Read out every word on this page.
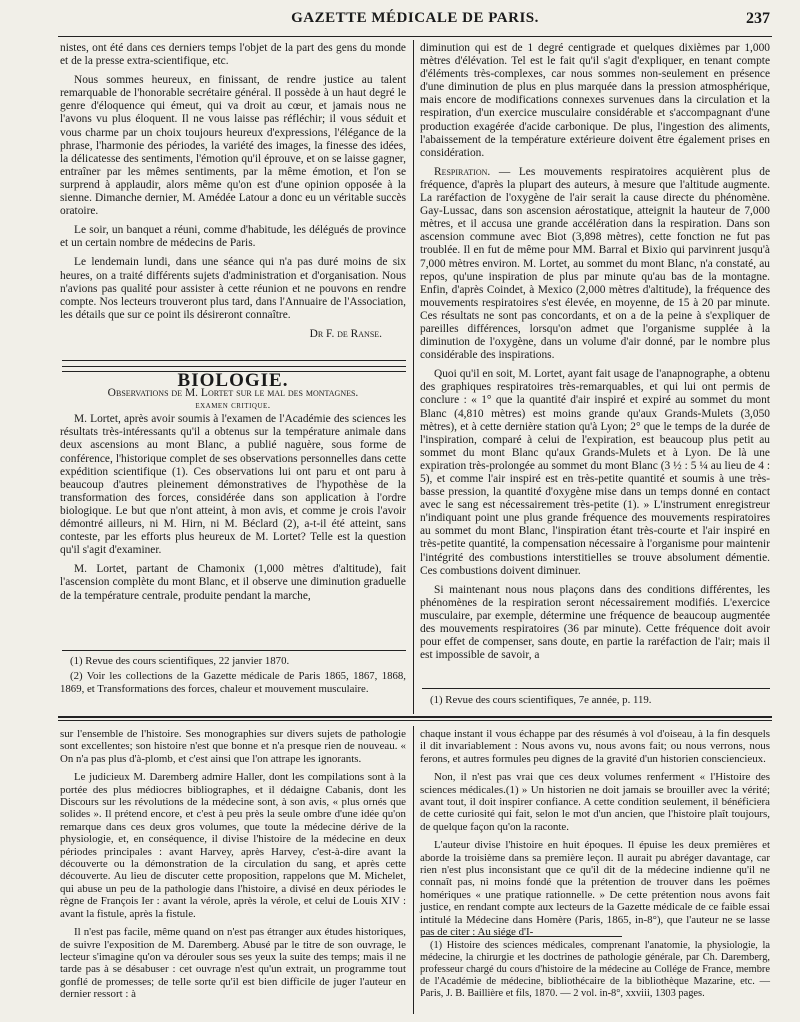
GAZETTE MÉDICALE DE PARIS.	237

nistes, ont été dans ces derniers temps l'objet de la part des gens du monde et de la presse extra-scientifique, etc.

Nous sommes heureux, en finissant, de rendre justice au talent remarquable de l'honorable secrétaire général. Il possède à un haut degré le genre d'éloquence qui émeut, qui va droit au cœur, et jamais nous ne l'avons vu plus éloquent. Il ne vous laisse pas réfléchir; il vous séduit et vous charme par un choix toujours heureux d'expressions, l'élégance de la phrase, l'harmonie des périodes, la variété des images, la finesse des idées, la délicatesse des sentiments, l'émotion qu'il éprouve, et on se laisse gagner, entraîner par les mêmes sentiments, par la même émotion, et l'on se surprend à applaudir, alors même qu'on est d'une opinion opposée à la sienne. Dimanche dernier, M. Amédée Latour a donc eu un véritable succès oratoire.

Le soir, un banquet a réuni, comme d'habitude, les délégués de province et un certain nombre de médecins de Paris.

Le lendemain lundi, dans une séance qui n'a pas duré moins de six heures, on a traité différents sujets d'administration et d'organisation. Nous n'avions pas qualité pour assister à cette réunion et ne pouvons en rendre compte. Nos lecteurs trouveront plus tard, dans l'Annuaire de l'Association, les détails que sur ce point ils désireront connaître.

Dr F. de Ranse.

BIOLOGIE.

Observations de M. Lortet sur le mal des montagnes.

examen critique.

M. Lortet, après avoir soumis à l'examen de l'Académie des sciences les résultats très-intéressants qu'il a obtenus sur la température animale dans deux ascensions au mont Blanc, a publié naguère, sous forme de conférence, l'historique complet de ses observations personnelles dans cette expédition scientifique (1). Ces observations lui ont paru et ont paru à beaucoup d'autres pleinement démonstratives de l'hypothèse de la transformation des forces, considérée dans son application à l'ordre biologique. Le but que n'ont atteint, à mon avis, et comme je crois l'avoir démontré ailleurs, ni M. Hirn, ni M. Béclard (2), a-t-il été atteint, sans conteste, par les efforts plus heureux de M. Lortet? Telle est la question qu'il s'agit d'examiner.

M. Lortet, partant de Chamonix (1,000 mètres d'altitude), fait l'ascension complète du mont Blanc, et il observe une diminution graduelle de la température centrale, produite pendant la marche,

(1) Revue des cours scientifiques, 22 janvier 1870.

(2) Voir les collections de la Gazette médicale de Paris 1865, 1867, 1868, 1869, et Transformations des forces, chaleur et mouvement musculaire.

diminution qui est de 1 degré centigrade et quelques dixièmes par 1,000 mètres d'élévation. Tel est le fait qu'il s'agit d'expliquer, en tenant compte d'éléments très-complexes, car nous sommes non-seulement en présence d'une diminution de plus en plus marquée dans la pression atmosphérique, mais encore de modifications connexes survenues dans la circulation et la respiration, d'un exercice musculaire considérable et s'accompagnant d'une production exagérée d'acide carbonique. De plus, l'ingestion des aliments, l'abaissement de la température extérieure doivent être également prises en considération.

Respiration. — Les mouvements respiratoires acquièrent plus de fréquence, d'après la plupart des auteurs, à mesure que l'altitude augmente. La raréfaction de l'oxygène de l'air serait la cause directe du phénomène. Gay-Lussac, dans son ascension aérostatique, atteignit la hauteur de 7,000 mètres, et il accusa une grande accélération dans la respiration. Dans son ascension commune avec Biot (3,898 mètres), cette fonction ne fut pas troublée. Il en fut de même pour MM. Barral et Bixio qui parvinrent jusqu'à 7,000 mètres environ. M. Lortet, au sommet du mont Blanc, n'a constaté, au repos, qu'une inspiration de plus par minute qu'au bas de la montagne. Enfin, d'après Coindet, à Mexico (2,000 mètres d'altitude), la fréquence des mouvements respiratoires s'est élevée, en moyenne, de 15 à 20 par minute. Ces résultats ne sont pas concordants, et on a de la peine à s'expliquer de pareilles différences, lorsqu'on admet que l'organisme supplée à la diminution de l'oxygène, dans un volume d'air donné, par le nombre plus considérable des inspirations.

Quoi qu'il en soit, M. Lortet, ayant fait usage de l'anapnographe, a obtenu des graphiques respiratoires très-remarquables, et qui lui ont permis de conclure : « 1° que la quantité d'air inspiré et expiré au sommet du mont Blanc (4,810 mètres) est moins grande qu'aux Grands-Mulets (3,050 mètres), et à cette dernière station qu'à Lyon; 2° que le temps de la durée de l'inspiration, comparé à celui de l'expiration, est beaucoup plus petit au sommet du mont Blanc qu'aux Grands-Mulets et à Lyon. De là une expiration très-prolongée au sommet du mont Blanc (3 ½ : 5 ¼ au lieu de 4 : 5), et comme l'air inspiré est en très-petite quantité et soumis à une très-basse pression, la quantité d'oxygène mise dans un temps donné en contact avec le sang est nécessairement très-petite (1). » L'instrument enregistreur n'indiquant point une plus grande fréquence des mouvements respiratoires au sommet du mont Blanc, l'inspiration étant très-courte et l'air inspiré en très-petite quantité, la compensation nécessaire à l'organisme pour maintenir l'intégrité des combustions interstitielles se trouve absolument démentie. Ces combustions doivent diminuer.

Si maintenant nous nous plaçons dans des conditions différentes, les phénomènes de la respiration seront nécessairement modifiés. L'exercice musculaire, par exemple, détermine une fréquence de beaucoup augmentée des mouvements respiratoires (36 par minute). Cette fréquence doit avoir pour effet de compenser, sans doute, en partie la raréfaction de l'air; mais il est impossible de savoir, a

(1) Revue des cours scientifiques, 7e année, p. 119.

sur l'ensemble de l'histoire. Ses monographies sur divers sujets de pathologie sont excellentes; son histoire n'est que bonne et n'a presque rien de nouveau. « On n'a pas plus d'à-plomb, et c'est ainsi que l'on attrape les ignorants.

Le judicieux M. Daremberg admire Haller, dont les compilations sont à la portée des plus médiocres bibliographes, et il dédaigne Cabanis, dont les Discours sur les révolutions de la médecine sont, à son avis, « plus ornés que solides ». Il prétend encore, et c'est à peu près la seule ombre d'une idée qu'on remarque dans ces deux gros volumes, que toute la médecine dérive de la physiologie, et, en conséquence, il divise l'histoire de la médecine en deux périodes principales : avant Harvey, après Harvey, c'est-à-dire avant la découverte ou la démonstration de la circulation du sang, et après cette découverte. Au lieu de discuter cette proposition, rappelons que M. Michelet, qui abuse un peu de la pathologie dans l'histoire, a divisé en deux périodes le règne de François Ier : avant la vérole, après la vérole, et celui de Louis XIV : avant la fistule, après la fistule.

Il n'est pas facile, même quand on n'est pas étranger aux études historiques, de suivre l'exposition de M. Daremberg. Abusé par le titre de son ouvrage, le lecteur s'imagine qu'on va dérouler sous ses yeux la suite des temps; mais il ne tarde pas à se désabuser : cet ouvrage n'est qu'un extrait, un programme tout gonflé de promesses; de telle sorte qu'il est bien difficile de juger l'auteur en dernier ressort : à

chaque instant il vous échappe par des résumés à vol d'oiseau, à la fin desquels il dit invariablement : Nous avons vu, nous avons fait; ou nous verrons, nous ferons, et autres formules peu dignes de la gravité d'un historien consciencieux.

Non, il n'est pas vrai que ces deux volumes renferment « l'Histoire des sciences médicales.(1) » Un historien ne doit jamais se brouiller avec la vérité; avant tout, il doit inspirer confiance. A cette condition seulement, il bénéficiera de cette curiosité qui fait, selon le mot d'un ancien, que l'histoire plaît toujours, de quelque façon qu'on la raconte.

L'auteur divise l'histoire en huit époques. Il épuise les deux premières et aborde la troisième dans sa première leçon. Il aurait pu abréger davantage, car rien n'est plus inconsistant que ce qu'il dit de la médecine indienne qu'il ne connaît pas, ni moins fondé que la prétention de trouver dans les poëmes homériques « une pratique rationnelle. » De cette prétention nous avons fait justice, en rendant compte aux lecteurs de la Gazette médicale de ce faible essai intitulé la Médecine dans Homère (Paris, 1865, in-8°), que l'auteur ne se lasse pas de citer : Au siége d'I-

(1) Histoire des sciences médicales, comprenant l'anatomie, la physiologie, la médecine, la chirurgie et les doctrines de pathologie générale, par Ch. Daremberg, professeur chargé du cours d'histoire de la médecine au Collége de France, membre de l'Académie de médecine, bibliothécaire de la bibliothèque Mazarine, etc. — Paris, J. B. Baillière et fils, 1870. — 2 vol. in-8°, xxviii, 1303 pages.
